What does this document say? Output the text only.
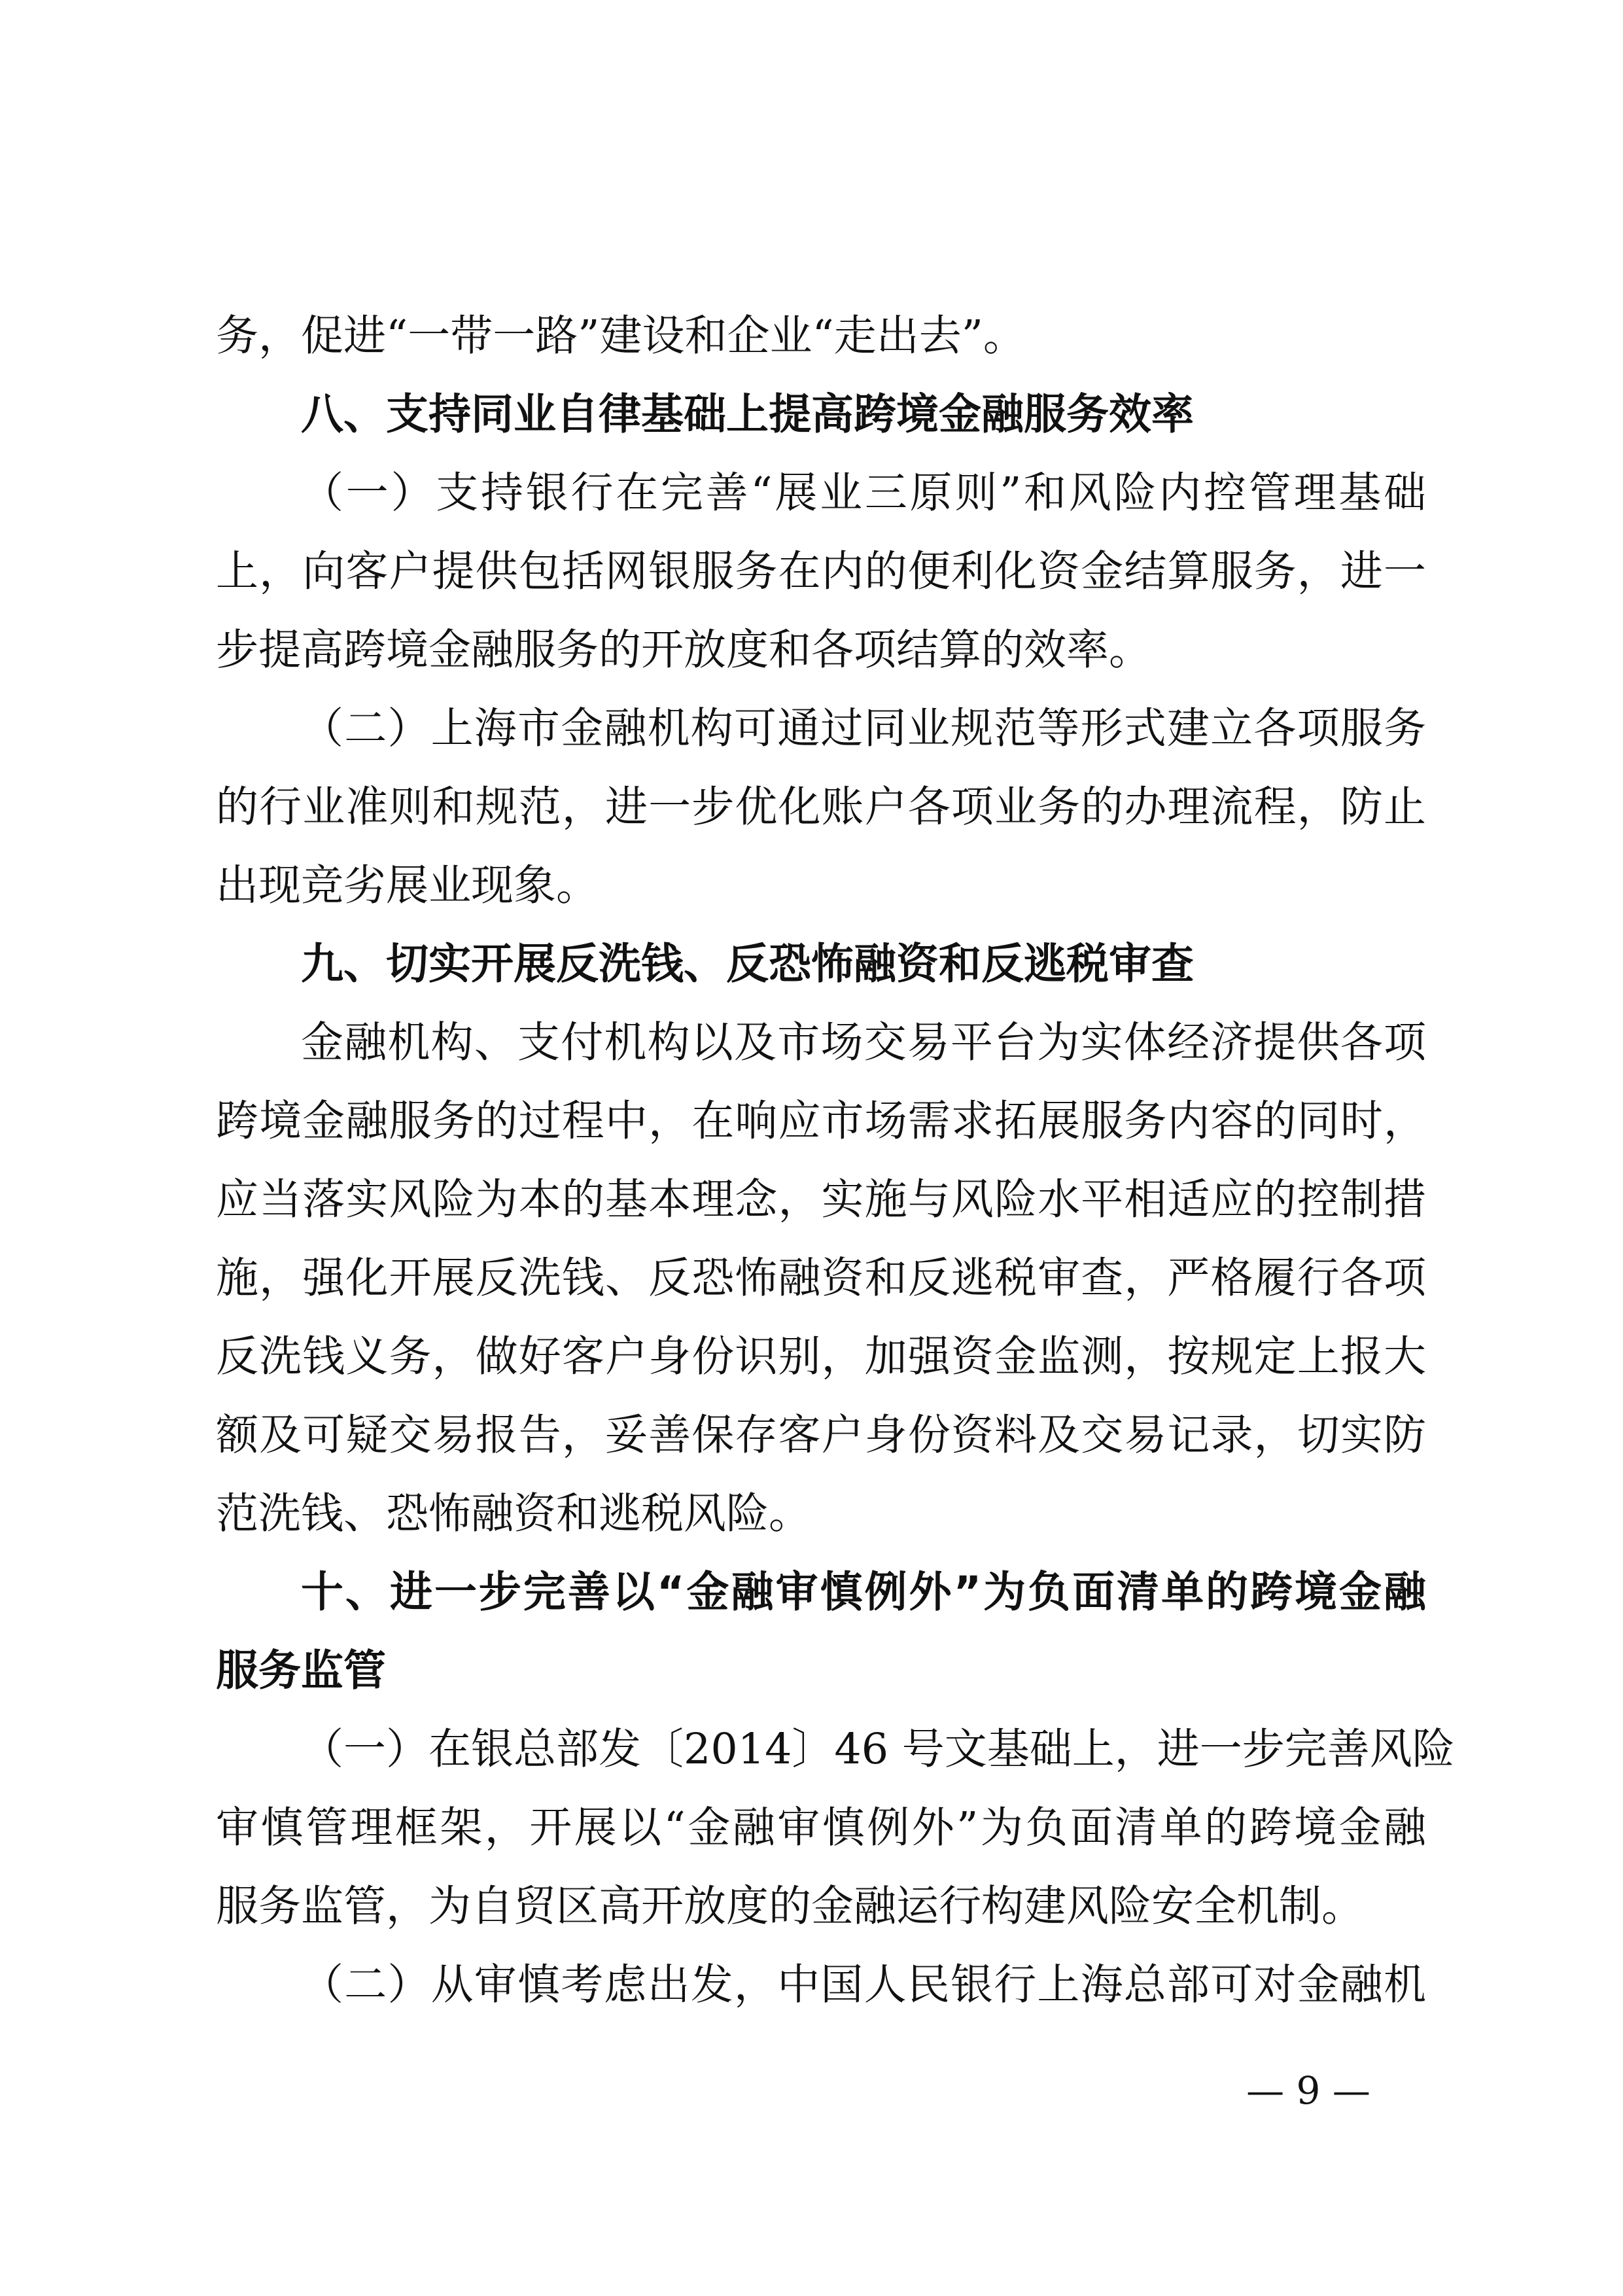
务，促进“一带一路”建设和企业“走出去”。
八、支持同业自律基础上提高跨境金融服务效率
（一）支持银行在完善“展业三原则”和风险内控管理基础
上，向客户提供包括网银服务在内的便利化资金结算服务，进一
步提高跨境金融服务的开放度和各项结算的效率。
（二）上海市金融机构可通过同业规范等形式建立各项服务
的行业准则和规范，进一步优化账户各项业务的办理流程，防止
出现竞劣展业现象。
九、切实开展反洗钱、反恐怖融资和反逃税审查
金融机构、支付机构以及市场交易平台为实体经济提供各项
跨境金融服务的过程中，在响应市场需求拓展服务内容的同时，
应当落实风险为本的基本理念，实施与风险水平相适应的控制措
施，强化开展反洗钱、反恐怖融资和反逃税审查，严格履行各项
反洗钱义务，做好客户身份识别，加强资金监测，按规定上报大
额及可疑交易报告，妥善保存客户身份资料及交易记录，切实防
范洗钱、恐怖融资和逃税风险。
十、进一步完善以“金融审慎例外”为负面清单的跨境金融
服务监管
（一）在银总部发〔2014〕46 号文基础上，进一步完善风险
审慎管理框架，开展以“金融审慎例外”为负面清单的跨境金融
服务监管，为自贸区高开放度的金融运行构建风险安全机制。
（二）从审慎考虑出发，中国人民银行上海总部可对金融机
— 9 —
